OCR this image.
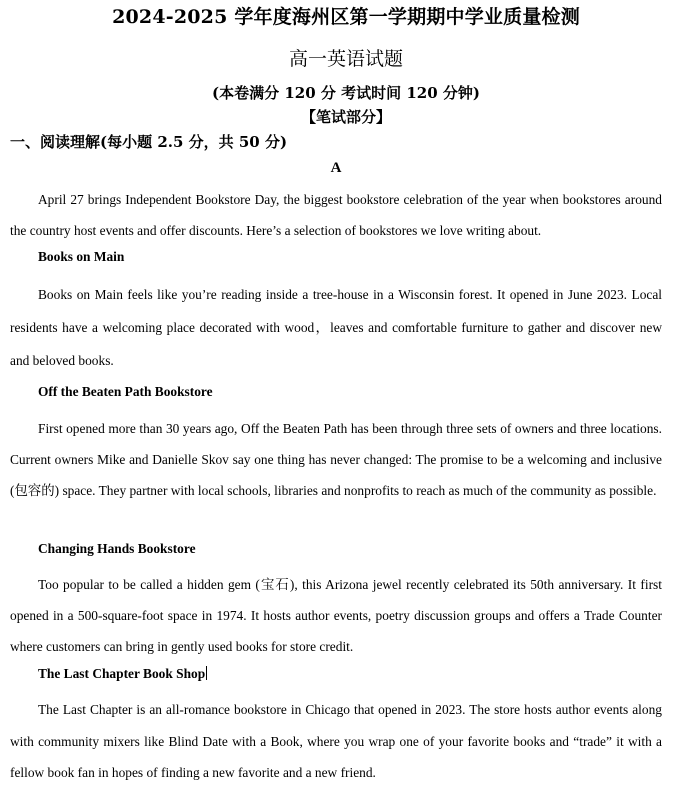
2024-2025 学年度海州区第一学期期中学业质量检测
高一英语试题
(本卷满分 120 分 考试时间 120 分钟)
【笔试部分】
一、阅读理解(每小题 2.5 分，共 50 分)
A
April 27 brings Independent Bookstore Day, the biggest bookstore celebration of the year when bookstores around the country host events and offer discounts. Here’s a selection of bookstores we love writing about.
Books on Main
Books on Main feels like you’re reading inside a tree-house in a Wisconsin forest. It opened in June 2023. Local residents have a welcoming place decorated with wood，leaves and comfortable furniture to gather and discover new and beloved books.
Off the Beaten Path Bookstore
First opened more than 30 years ago, Off the Beaten Path has been through three sets of owners and three locations. Current owners Mike and Danielle Skov say one thing has never changed: The promise to be a welcoming and inclusive (包容的) space. They partner with local schools, libraries and nonprofits to reach as much of the community as possible.
Changing Hands Bookstore
Too popular to be called a hidden gem (宝石), this Arizona jewel recently celebrated its 50th anniversary. It first opened in a 500-square-foot space in 1974. It hosts author events, poetry discussion groups and offers a Trade Counter where customers can bring in gently used books for store credit.
The Last Chapter Book Shop
The Last Chapter is an all-romance bookstore in Chicago that opened in 2023. The store hosts author events along with community mixers like Blind Date with a Book, where you wrap one of your favorite books and “trade” it with a fellow book fan in hopes of finding a new favorite and a new friend.
